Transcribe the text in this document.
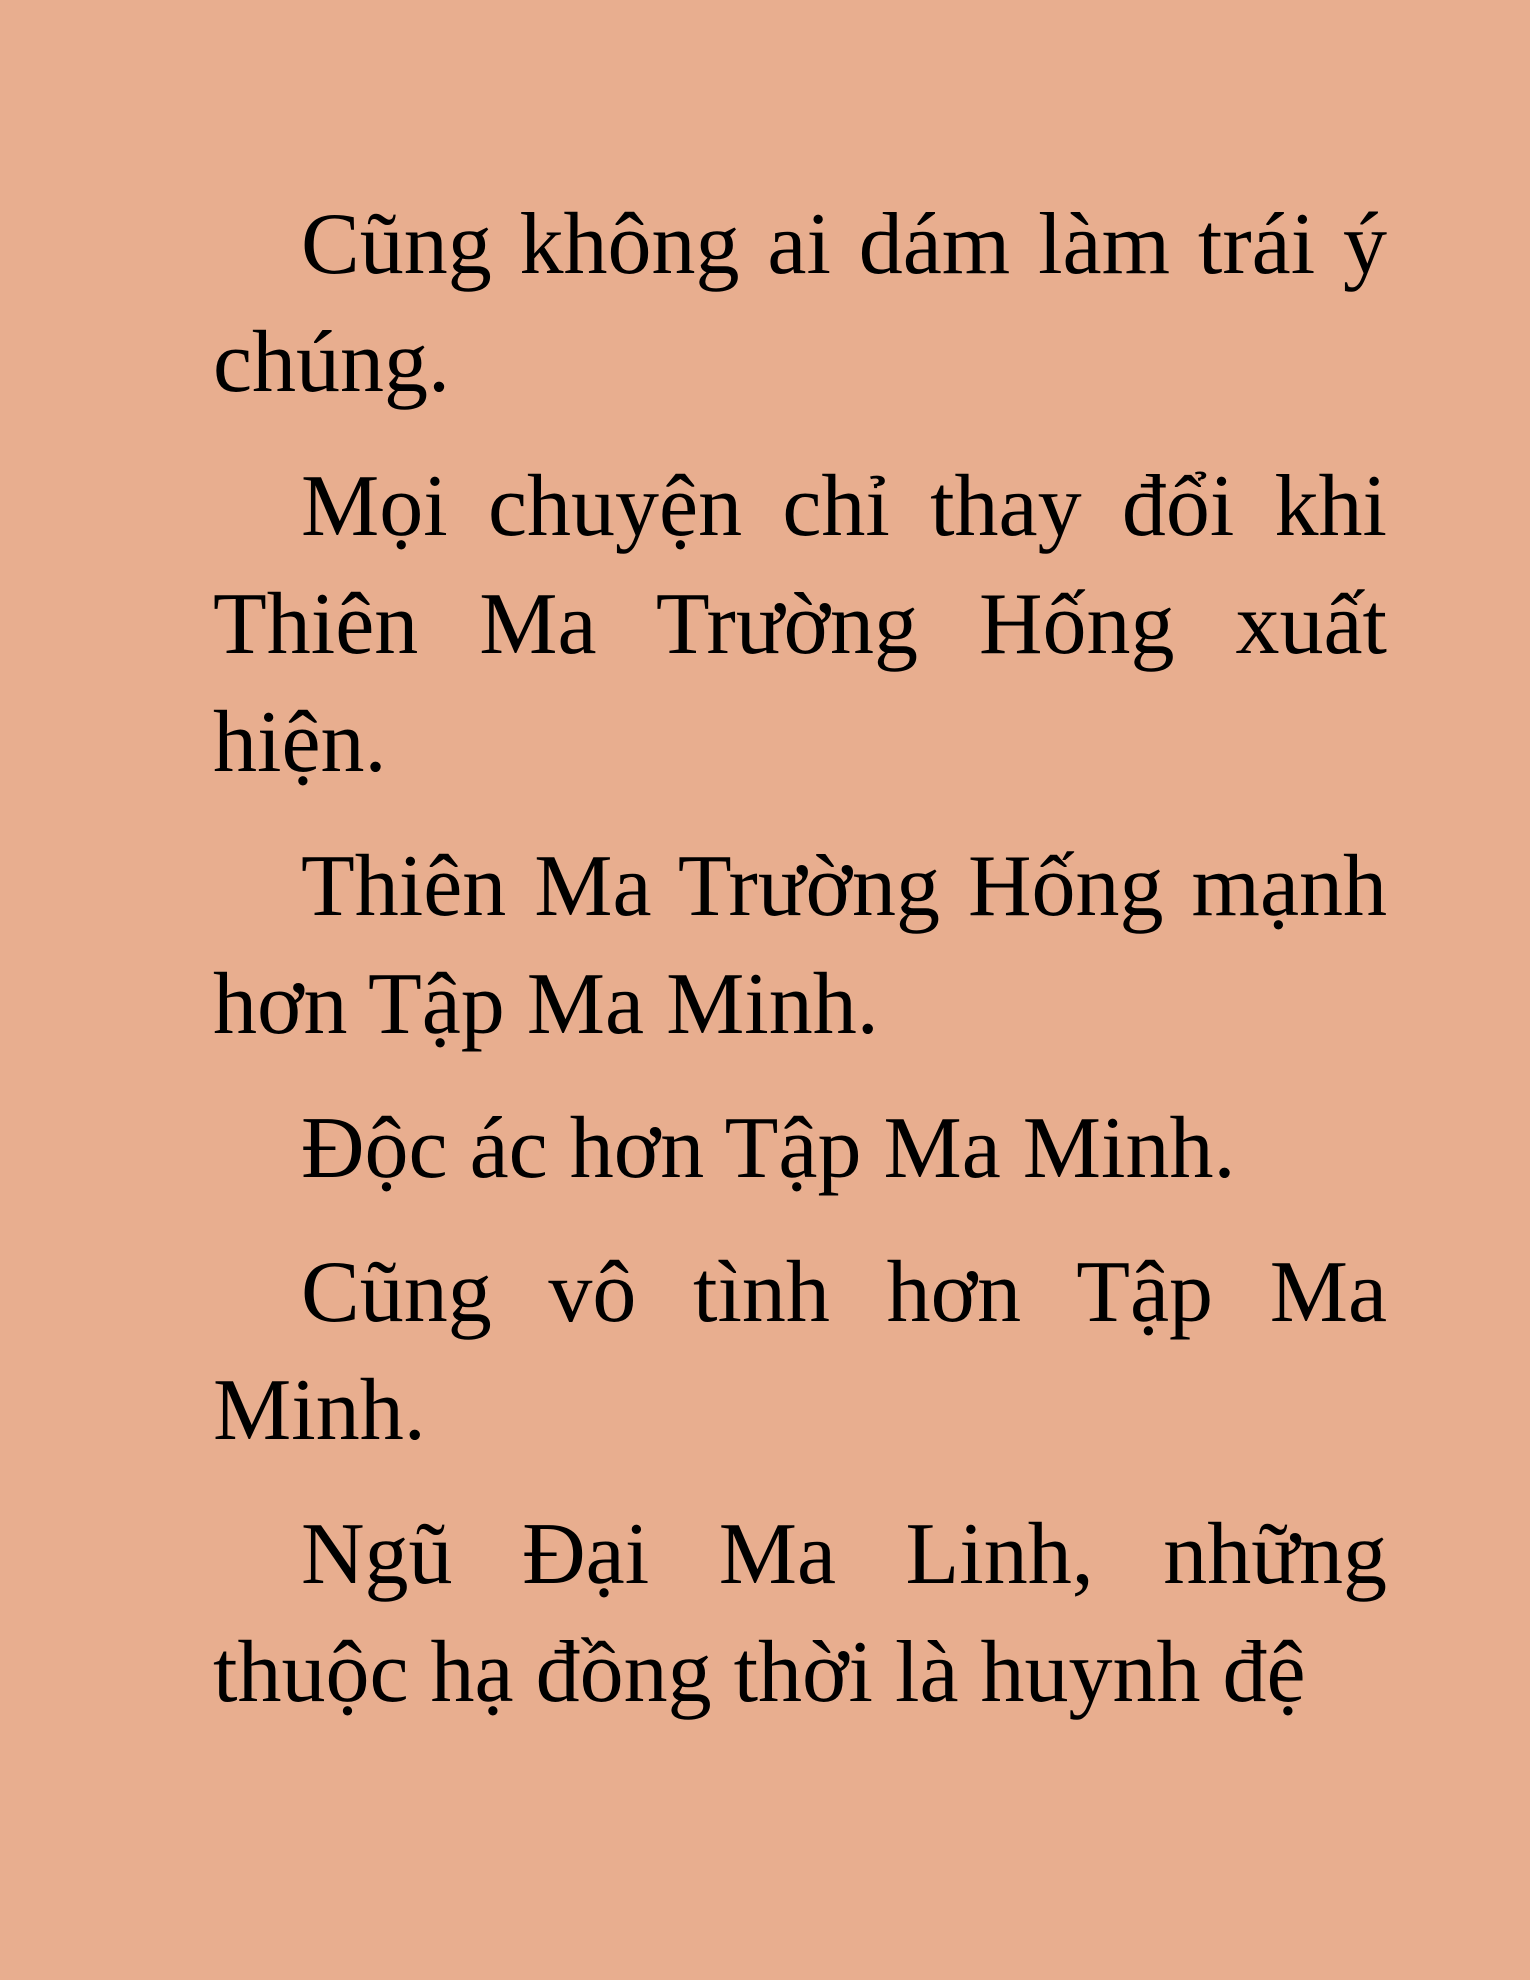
Cũng không ai dám làm trái ý chúng.

Mọi chuyện chỉ thay đổi khi Thiên Ma Trường Hống xuất hiện.

Thiên Ma Trường Hống mạnh hơn Tập Ma Minh.

Độc ác hơn Tập Ma Minh.

Cũng vô tình hơn Tập Ma Minh.

Ngũ Đại Ma Linh, những thuộc hạ đồng thời là huynh đệ
